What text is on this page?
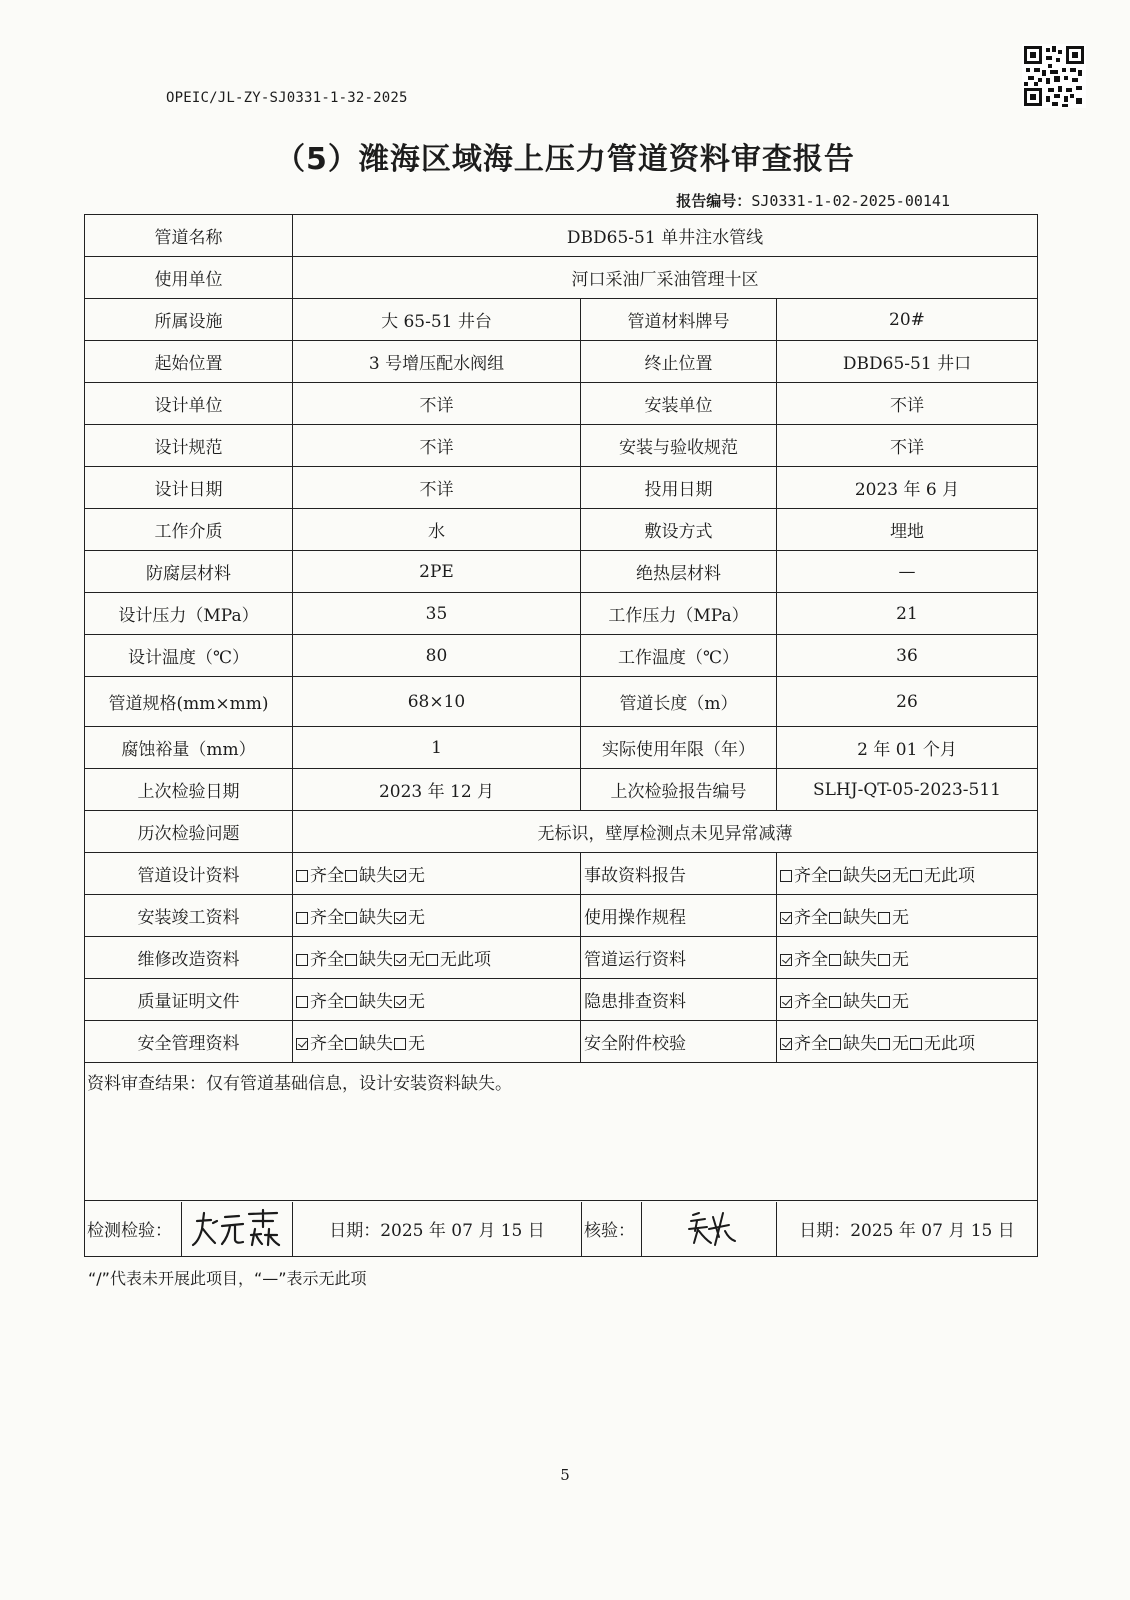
OPEIC/JL-ZY-SJ0331-1-32-2025
（5）潍海区域海上压力管道资料审查报告
报告编号：SJ0331-1-02-2025-00141
管道名称	DBD65-51 单井注水管线		
使用单位	河口采油厂采油管理十区		
所属设施	大 65-51 井台	管道材料牌号	20#
起始位置	3 号增压配水阀组	终止位置	DBD65-51 井口
设计单位	不详	安装单位	不详
设计规范	不详	安装与验收规范	不详
设计日期	不详	投用日期	2023 年 6 月
工作介质	水	敷设方式	埋地
防腐层材料	2PE	绝热层材料	—
设计压力（MPa）	35	工作压力（MPa）	21
设计温度（℃）	80	工作温度（℃）	36
管道规格(mm×mm)	68×10	管道长度（m）	26
腐蚀裕量（mm）	1	实际使用年限（年）	2 年 01 个月
上次检验日期	2023 年 12 月	上次检验报告编号	SLHJ-QT-05-2023-511
历次检验问题	无标识，壁厚检测点未见异常减薄		
管道设计资料	齐全 缺失 无	事故资料报告	齐全 缺失 无 无此项
安装竣工资料	齐全 缺失 无	使用操作规程	齐全 缺失 无
维修改造资料	齐全 缺失 无 无此项	管道运行资料	齐全 缺失 无
质量证明文件	齐全 缺失 无	隐患排查资料	齐全 缺失 无
安全管理资料	齐全 缺失 无	安全附件校验	齐全 缺失 无 无此项
资料审查结果：仅有管道基础信息，设计安装资料缺失。			

检测检验： 日期：2025 年 07 月 15 日 核验： 日期：2025 年 07 月 15 日			
“/”代表未开展此项目，“—”表示无此项
5
